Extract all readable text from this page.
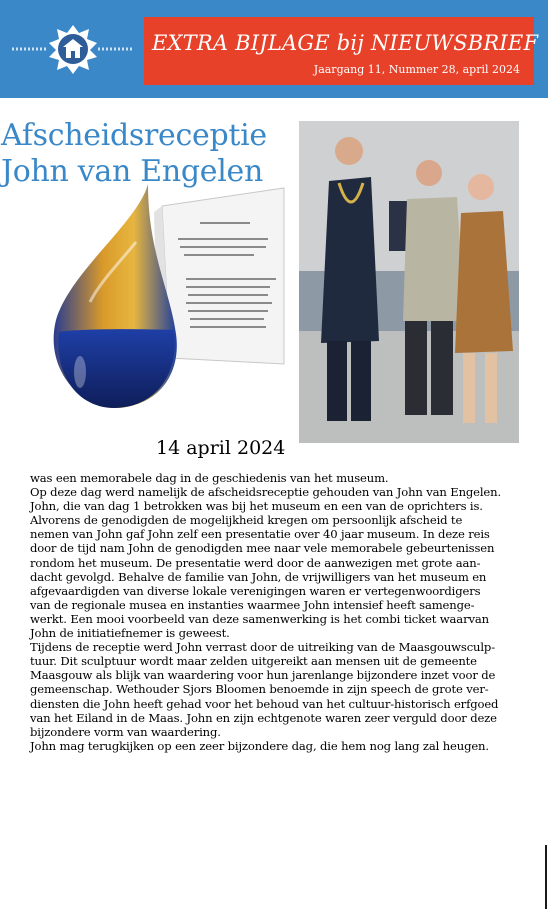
EXTRA BIJLAGE bij NIEUWSBRIEF
Jaargang 11, Nummer 28, april 2024
Afscheidsreceptie
John van Engelen
14 april 2024

was een memorabele dag in de geschiedenis van het museum.

Op deze dag werd namelijk de afscheidsreceptie gehouden van John van Engelen.

John, die van dag 1 betrokken was bij het museum en een van de oprichters is.

Alvorens de genodigden de mogelijkheid kregen om persoonlijk afscheid te

nemen van John gaf John zelf een presentatie over 40 jaar museum. In deze reis

door de tijd nam John de genodigden mee naar vele memorabele gebeurtenissen

rondom het museum. De presentatie werd door de aanwezigen met grote aan-

dacht gevolgd. Behalve de familie van John, de vrijwilligers van het museum en

afgevaardigden van diverse lokale verenigingen waren er vertegenwoordigers

van de regionale musea en instanties waarmee John intensief heeft samenge-

werkt. Een mooi voorbeeld van deze samenwerking is het combi ticket waarvan

John de initiatiefnemer is geweest.

Tijdens de receptie werd John verrast door de uitreiking van de Maasgouwsculp-

tuur. Dit sculptuur wordt maar zelden uitgereikt aan mensen uit de gemeente

Maasgouw als blijk van waardering voor hun jarenlange bijzondere inzet voor de

gemeenschap. Wethouder Sjors Bloomen benoemde in zijn speech de grote ver-

diensten die John heeft gehad voor het behoud van het cultuur-historisch erfgoed

van het Eiland in de Maas. John en zijn echtgenote waren zeer verguld door deze

bijzondere vorm van waardering.

John mag terugkijken op een zeer bijzondere dag, die hem nog lang zal heugen.
